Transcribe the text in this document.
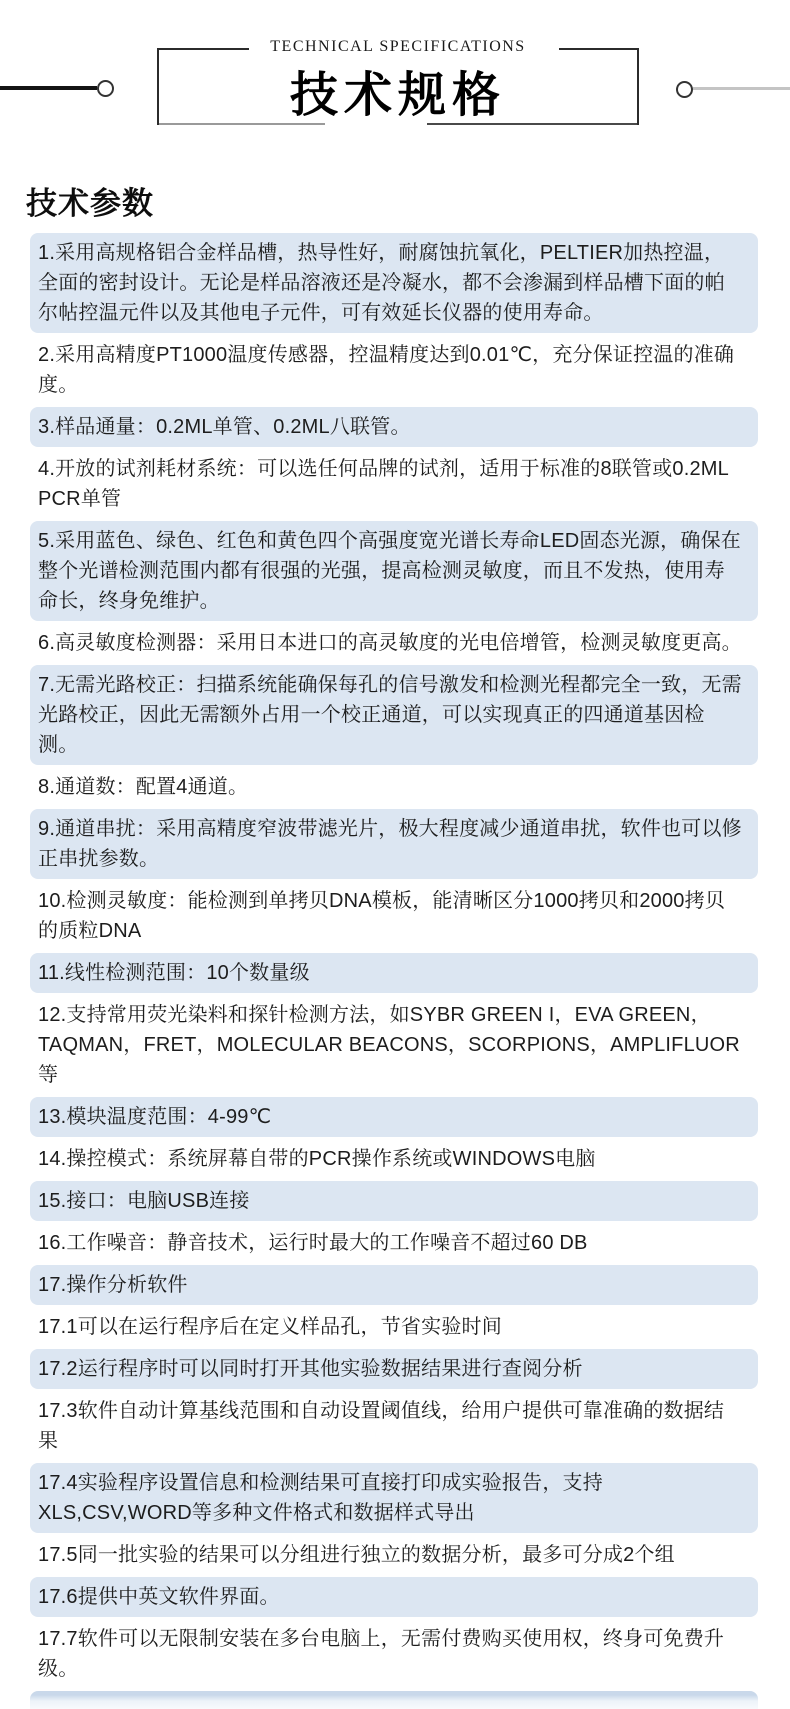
TECHNICAL SPECIFICATIONS
技术规格
技术参数
1.采用高规格铝合金样品槽，热导性好，耐腐蚀抗氧化，PELTIER加热控温，全面的密封设计。无论是样品溶液还是冷凝水，都不会渗漏到样品槽下面的帕尔帖控温元件以及其他电子元件，可有效延长仪器的使用寿命。
2.采用高精度PT1000温度传感器，控温精度达到0.01℃，充分保证控温的准确度。
3.样品通量：0.2ML单管、0.2ML八联管。
4.开放的试剂耗材系统：可以选任何品牌的试剂，适用于标准的8联管或0.2ML PCR单管
5.采用蓝色、绿色、红色和黄色四个高强度宽光谱长寿命LED固态光源，确保在整个光谱检测范围内都有很强的光强，提高检测灵敏度，而且不发热，使用寿命长，终身免维护。
6.高灵敏度检测器：采用日本进口的高灵敏度的光电倍增管，检测灵敏度更高。
7.无需光路校正：扫描系统能确保每孔的信号激发和检测光程都完全一致，无需光路校正，因此无需额外占用一个校正通道，可以实现真正的四通道基因检测。
8.通道数：配置4通道。
9.通道串扰：采用高精度窄波带滤光片，极大程度减少通道串扰，软件也可以修正串扰参数。
10.检测灵敏度：能检测到单拷贝DNA模板，能清晰区分1000拷贝和2000拷贝的质粒DNA
11.线性检测范围：10个数量级
12.支持常用荧光染料和探针检测方法，如SYBR GREEN I，EVA GREEN，TAQMAN，FRET，MOLECULAR BEACONS，SCORPIONS，AMPLIFLUOR等
13.模块温度范围：4-99℃
14.操控模式：系统屏幕自带的PCR操作系统或WINDOWS电脑
15.接口：电脑USB连接
16.工作噪音：静音技术，运行时最大的工作噪音不超过60 DB
17.操作分析软件
17.1可以在运行程序后在定义样品孔，节省实验时间
17.2运行程序时可以同时打开其他实验数据结果进行查阅分析
17.3软件自动计算基线范围和自动设置阈值线，给用户提供可靠准确的数据结果
17.4实验程序设置信息和检测结果可直接打印成实验报告，支持XLS,CSV,WORD等多种文件格式和数据样式导出
17.5同一批实验的结果可以分组进行独立的数据分析，最多可分成2个组
17.6提供中英文软件界面。
17.7软件可以无限制安装在多台电脑上，无需付费购买使用权，终身可免费升级。
